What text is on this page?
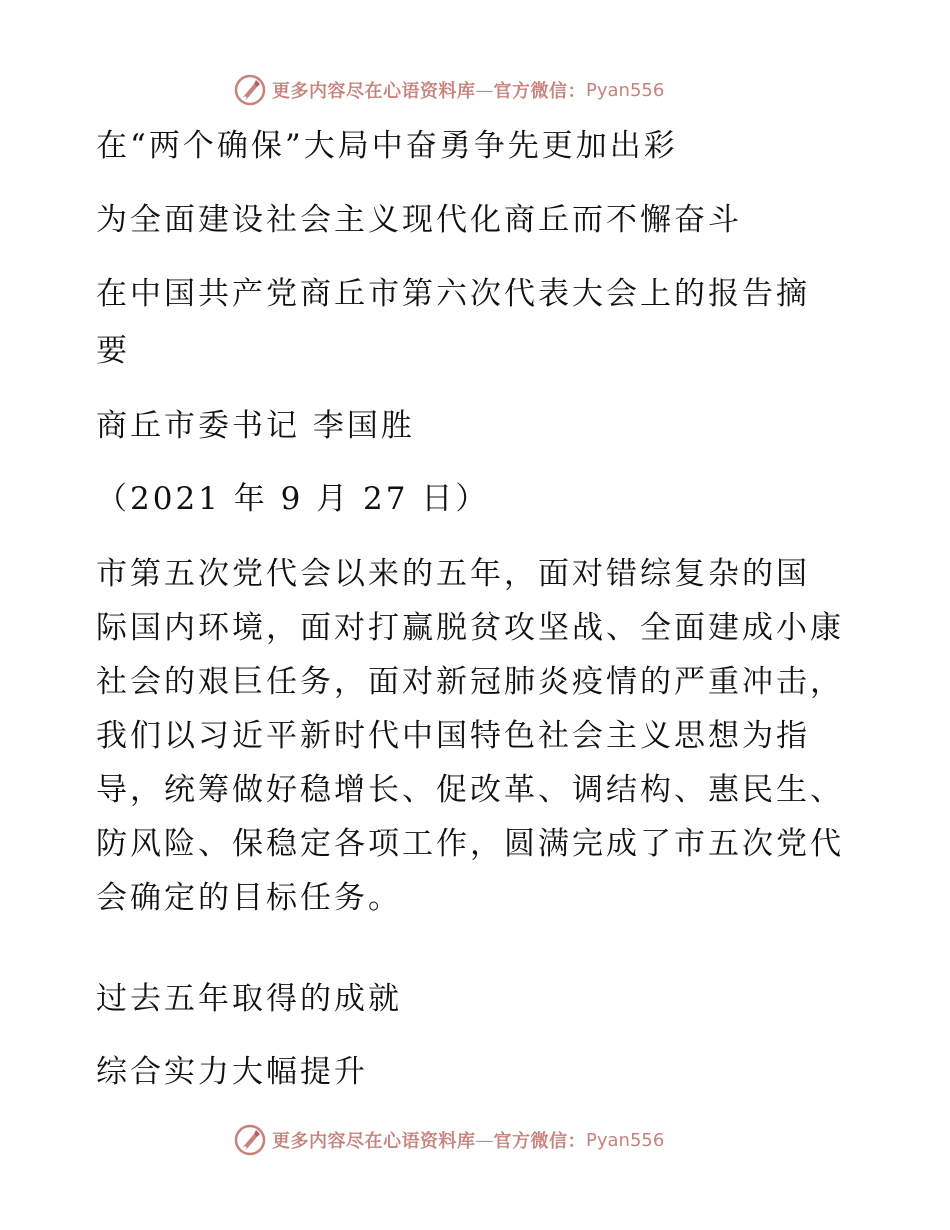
更多内容尽在心语资料库 — 官方微信： Pyan556
在“两个确保”大局中奋勇争先更加出彩
为全面建设社会主义现代化商丘而不懈奋斗
在中国共产党商丘市第六次代表大会上的报告摘
要
商丘市委书记 李国胜
（2021 年 9 月 27 日）
市第五次党代会以来的五年，面对错综复杂的国
际国内环境，面对打赢脱贫攻坚战、全面建成小康
社会的艰巨任务，面对新冠肺炎疫情的严重冲击，
我们以习近平新时代中国特色社会主义思想为指
导，统筹做好稳增长、促改革、调结构、惠民生、
防风险、保稳定各项工作，圆满完成了市五次党代
会确定的目标任务。
过去五年取得的成就
综合实力大幅提升
更多内容尽在心语资料库 — 官方微信： Pyan556
